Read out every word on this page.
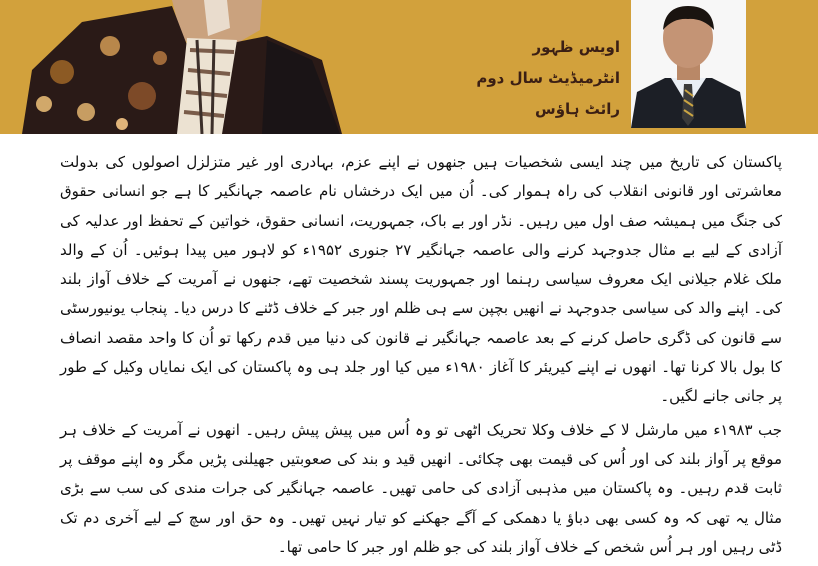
اویس ظہور
انٹرمیڈیٹ سال دوم
رائٹ ہاؤس

پاکستان کی تاریخ میں چند ایسی شخصیات ہیں جنھوں نے اپنے عزم، بہادری اور غیر متزلزل اصولوں کی بدولت معاشرتی اور قانونی انقلاب کی راہ ہموار کی۔ اُن میں ایک درخشاں نام عاصمہ جہانگیر کا ہے جو انسانی حقوق کی جنگ میں ہمیشہ صف اول میں رہیں۔ نڈر اور بے باک، جمہوریت، انسانی حقوق، خواتین کے تحفظ اور عدلیہ کی آزادی کے لیے بے مثال جدوجہد کرنے والی عاصمہ جہانگیر ۲۷ جنوری ۱۹۵۲ء کو لاہور میں پیدا ہوئیں۔ اُن کے والد ملک غلام جیلانی ایک معروف سیاسی رہنما اور جمہوریت پسند شخصیت تھے، جنھوں نے آمریت کے خلاف آواز بلند کی۔ اپنے والد کی سیاسی جدوجہد نے انھیں بچپن سے ہی ظلم اور جبر کے خلاف ڈٹنے کا درس دیا۔ پنجاب یونیورسٹی سے قانون کی ڈگری حاصل کرنے کے بعد عاصمہ جہانگیر نے قانون کی دنیا میں قدم رکھا تو اُن کا واحد مقصد انصاف کا بول بالا کرنا تھا۔ انھوں نے اپنے کیریئر کا آغاز ۱۹۸۰ء میں کیا اور جلد ہی وہ پاکستان کی ایک نمایاں وکیل کے طور پر جانی جانے لگیں۔

جب ۱۹۸۳ء میں مارشل لا کے خلاف وکلا تحریک اٹھی تو وہ اُس میں پیش پیش رہیں۔ انھوں نے آمریت کے خلاف ہر موقع پر آواز بلند کی اور اُس کی قیمت بھی چکائی۔ انھیں قید و بند کی صعوبتیں جھیلنی پڑیں مگر وہ اپنے موقف پر ثابت قدم رہیں۔ وہ پاکستان میں مذہبی آزادی کی حامی تھیں۔ عاصمہ جہانگیر کی جرات مندی کی سب سے بڑی مثال یہ تھی کہ وہ کسی بھی دباؤ یا دھمکی کے آگے جھکنے کو تیار نہیں تھیں۔ وہ حق اور سچ کے لیے آخری دم تک ڈٹی رہیں اور ہر اُس شخص کے خلاف آواز بلند کی جو ظلم اور جبر کا حامی تھا۔
